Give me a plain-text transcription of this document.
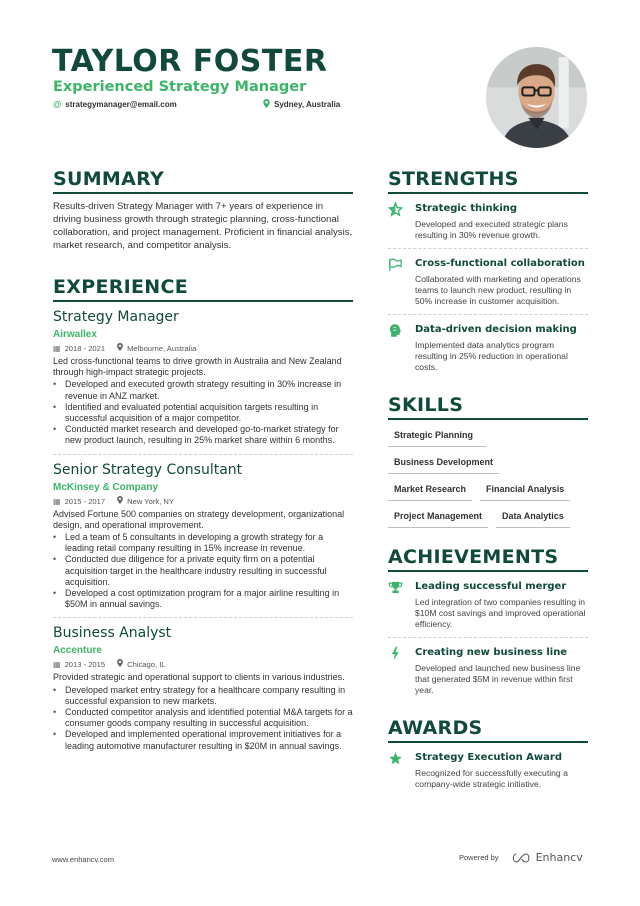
TAYLOR FOSTER
Experienced Strategy Manager
@ strategymanager@email.com	Sydney, Australia
SUMMARY

Results-driven Strategy Manager with 7+ years of experience in driving business growth through strategic planning, cross-functional collaboration, and project management. Proficient in financial analysis, market research, and competitor analysis.

EXPERIENCE
Strategy Manager
Airwallex
▦ 2018 - 2021	Melbourne, Australia
Led cross-functional teams to drive growth in Australia and New Zealand through high-impact strategic projects.
• Developed and executed growth strategy resulting in 30% increase in revenue in ANZ market.
• Identified and evaluated potential acquisition targets resulting in successful acquisition of a major competitor.
• Conducted market research and developed go-to-market strategy for new product launch, resulting in 25% market share within 6 months.
Senior Strategy Consultant
McKinsey & Company
▦ 2015 - 2017	New York, NY
Advised Fortune 500 companies on strategy development, organizational design, and operational improvement.
• Led a team of 5 consultants in developing a growth strategy for a leading retail company resulting in 15% increase in revenue.
• Conducted due diligence for a private equity firm on a potential acquisition target in the healthcare industry resulting in successful acquisition.
• Developed a cost optimization program for a major airline resulting in $50M in annual savings.
Business Analyst
Accenture
▦ 2013 - 2015	Chicago, IL
Provided strategic and operational support to clients in various industries.
• Developed market entry strategy for a healthcare company resulting in successful expansion to new markets.
• Conducted competitor analysis and identified potential M&A targets for a consumer goods company resulting in successful acquisition.
• Developed and implemented operational improvement initiatives for a leading automotive manufacturer resulting in $20M in annual savings.
STRENGTHS
Strategic thinking
Developed and executed strategic plans resulting in 30% revenue growth.
Cross-functional collaboration
Collaborated with marketing and operations teams to launch new product, resulting in 50% increase in customer acquisition.
Data-driven decision making
Implemented data analytics program resulting in 25% reduction in operational costs.
SKILLS
Strategic Planning
Business Development
Market Research	Financial Analysis
Project Management	Data Analytics
ACHIEVEMENTS
Leading successful merger
Led integration of two companies resulting in $10M cost savings and improved operational efficiency.
Creating new business line
Developed and launched new business line that generated $5M in revenue within first year.
AWARDS
Strategy Execution Award
Recognized for successfully executing a company-wide strategic initiative.
www.enhancv.com	Powered by	Enhancv
